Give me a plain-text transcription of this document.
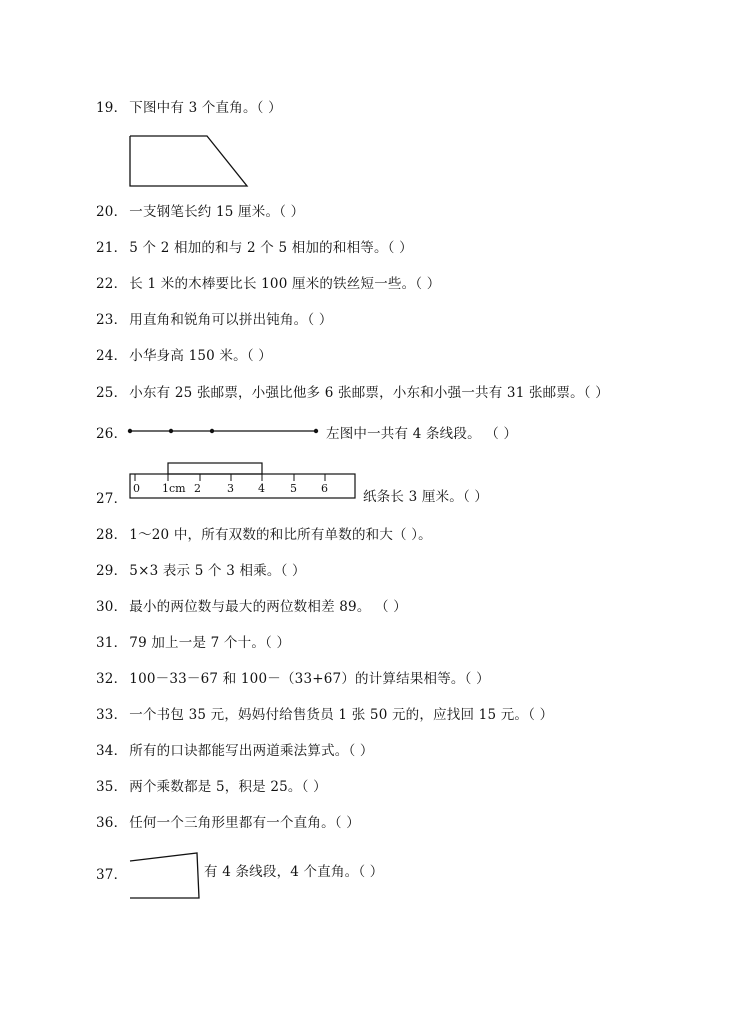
19． 下图中有 3 个直角。（ ）
20． 一支钢笔长约 15 厘米。（ ）
21． 5 个 2 相加的和与 2 个 5 相加的和相等。（ ）
22． 长 1 米的木棒要比长 100 厘米的铁丝短一些。（ ）
23． 用直角和锐角可以拼出钝角。（ ）
24． 小华身高 150 米。（ ）
25． 小东有 25 张邮票，小强比他多 6 张邮票，小东和小强一共有 31 张邮票。（ ）
26．	左图中一共有 4 条线段。 （ ）
27．
0 1cm 2 3 4 5 6
纸条长 3 厘米。（ ）
28． 1～20 中，所有双数的和比所有单数的和大（ ）。
29． 5×3 表示 5 个 3 相乘。（ ）
30． 最小的两位数与最大的两位数相差 89。 （ ）
31． 79 加上一是 7 个十。（ ）
32． 100－33－67 和 100－（33+67）的计算结果相等。（ ）
33． 一个书包 35 元，妈妈付给售货员 1 张 50 元的，应找回 15 元。（ ）
34． 所有的口诀都能写出两道乘法算式。（ ）
35． 两个乘数都是 5，积是 25。（ ）
36． 任何一个三角形里都有一个直角。（ ）
37．	有 4 条线段，4 个直角。（ ）
